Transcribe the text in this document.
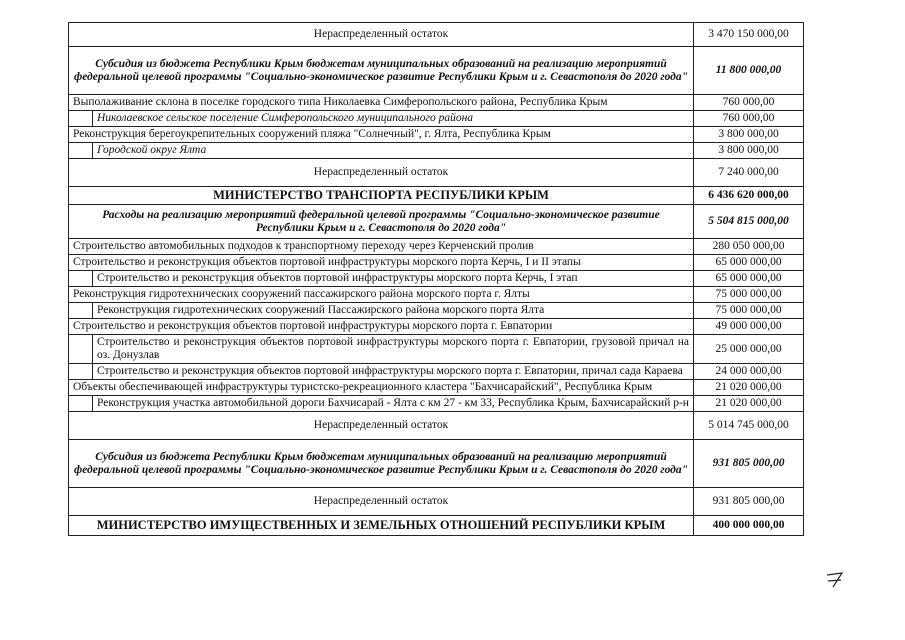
Нераспределенный остаток		3 470 150 000,00
Субсидия из бюджета Республики Крым бюджетам муниципальных образований на реализацию мероприятий федеральной целевой программы "Социально-экономическое развитие Республики Крым и г. Севастополя до 2020 года"		11 800 000,00
Выполаживание склона в поселке городского типа Николаевка Симферопольского района, Республика Крым		760 000,00
	Николаевское сельское поселение Симферопольского муниципального района	760 000,00
Реконструкция берегоукрепительных сооружений пляжа "Солнечный", г. Ялта, Республика Крым		3 800 000,00
	Городской округ Ялта	3 800 000,00
Нераспределенный остаток		7 240 000,00
МИНИСТЕРСТВО ТРАНСПОРТА РЕСПУБЛИКИ КРЫМ		6 436 620 000,00
Расходы на реализацию мероприятий федеральной целевой программы "Социально-экономическое развитие Республики Крым и г. Севастополя до 2020 года"		5 504 815 000,00
Строительство автомобильных подходов к транспортному переходу через Керченский пролив		280 050 000,00
Строительство и реконструкция объектов портовой инфраструктуры морского порта Керчь, I и II этапы		65 000 000,00
	Строительство и реконструкция объектов портовой инфраструктуры морского порта Керчь, I этап	65 000 000,00
Реконструкция гидротехнических сооружений пассажирского района морского порта г. Ялты		75 000 000,00
	Реконструкция гидротехнических сооружений Пассажирского района морского порта Ялта	75 000 000,00
Строительство и реконструкция объектов портовой инфраструктуры морского порта г. Евпатории		49 000 000,00
	Строительство и реконструкция объектов портовой инфраструктуры морского порта г. Евпатории, грузовой причал на оз. Донузлав	25 000 000,00
	Строительство и реконструкция объектов портовой инфраструктуры морского порта г. Евпатории, причал сада Караева	24 000 000,00
Объекты обеспечивающей инфраструктуры туристско-рекреационного кластера "Бахчисарайский", Республика Крым		21 020 000,00
	Реконструкция участка автомобильной дороги Бахчисарай - Ялта с км 27 - км 33, Республика Крым, Бахчисарайский р-н	21 020 000,00
Нераспределенный остаток		5 014 745 000,00
Субсидия из бюджета Республики Крым бюджетам муниципальных образований на реализацию мероприятий федеральной целевой программы "Социально-экономическое развитие Республики Крым и г. Севастополя до 2020 года"		931 805 000,00
Нераспределенный остаток		931 805 000,00
МИНИСТЕРСТВО ИМУЩЕСТВЕННЫХ И ЗЕМЕЛЬНЫХ ОТНОШЕНИЙ РЕСПУБЛИКИ КРЫМ		400 000 000,00
